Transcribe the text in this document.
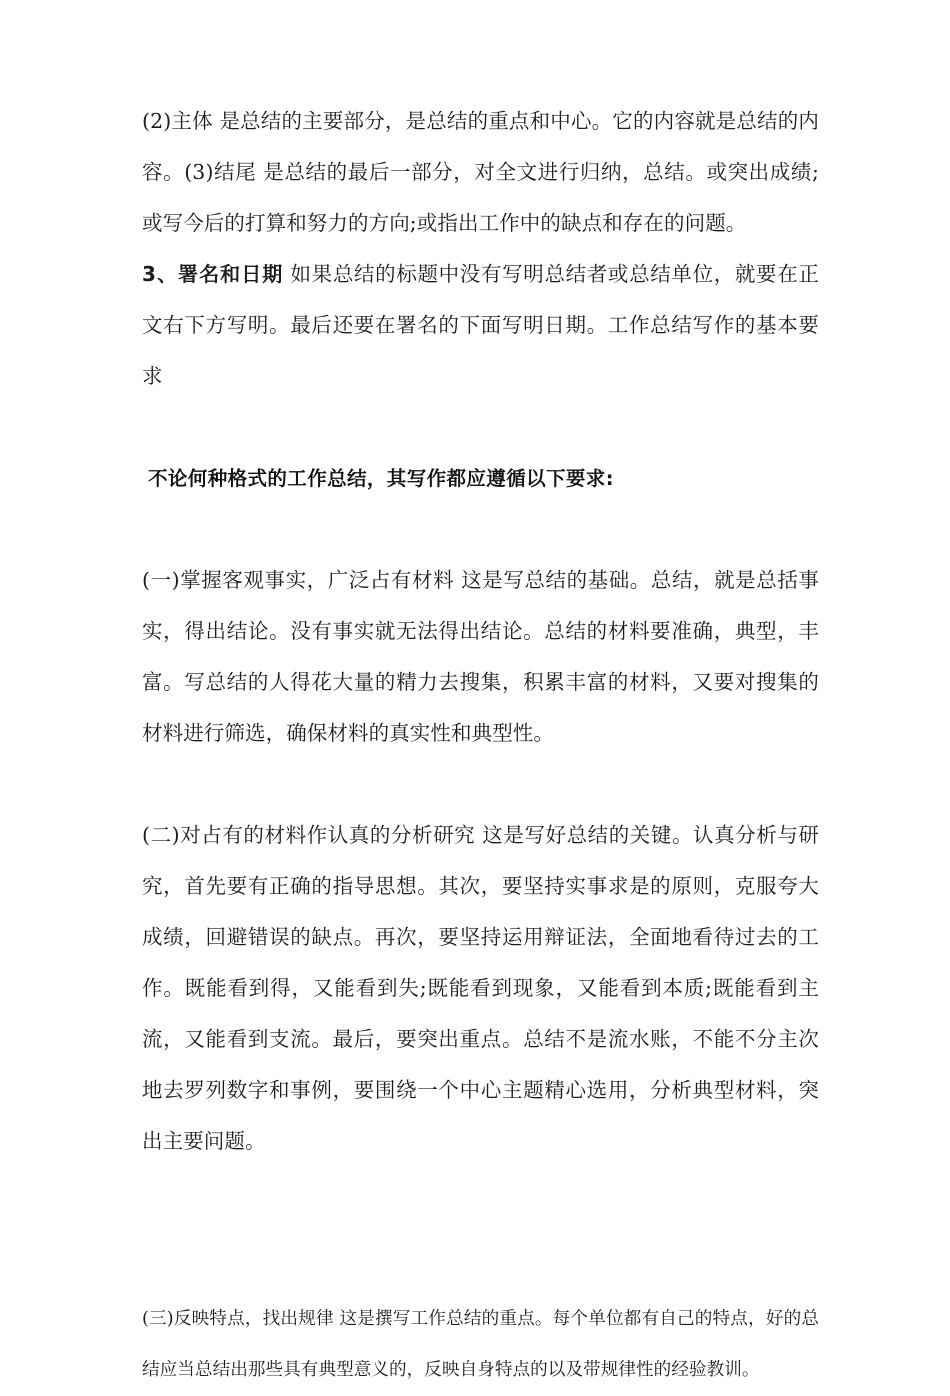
(2)主体 是总结的主要部分，是总结的重点和中心。它的内容就是总结的内容。(3)结尾 是总结的最后一部分，对全文进行归纳，总结。或突出成绩;或写今后的打算和努力的方向;或指出工作中的缺点和存在的问题。

3、署名和日期 如果总结的标题中没有写明总结者或总结单位，就要在正文右下方写明。最后还要在署名的下面写明日期。工作总结写作的基本要求

不论何种格式的工作总结，其写作都应遵循以下要求:

(一)掌握客观事实，广泛占有材料 这是写总结的基础。总结，就是总括事实，得出结论。没有事实就无法得出结论。总结的材料要准确，典型，丰富。写总结的人得花大量的精力去搜集，积累丰富的材料，又要对搜集的材料进行筛选，确保材料的真实性和典型性。

(二)对占有的材料作认真的分析研究 这是写好总结的关键。认真分析与研究，首先要有正确的指导思想。其次，要坚持实事求是的原则，克服夸大成绩，回避错误的缺点。再次，要坚持运用辩证法，全面地看待过去的工作。既能看到得，又能看到失;既能看到现象，又能看到本质;既能看到主流，又能看到支流。最后，要突出重点。总结不是流水账，不能不分主次地去罗列数字和事例，要围绕一个中心主题精心选用，分析典型材料，突出主要问题。

(三)反映特点，找出规律 这是撰写工作总结的重点。每个单位都有自己的特点，好的总结应当总结出那些具有典型意义的，反映自身特点的以及带规律性的经验教训。
